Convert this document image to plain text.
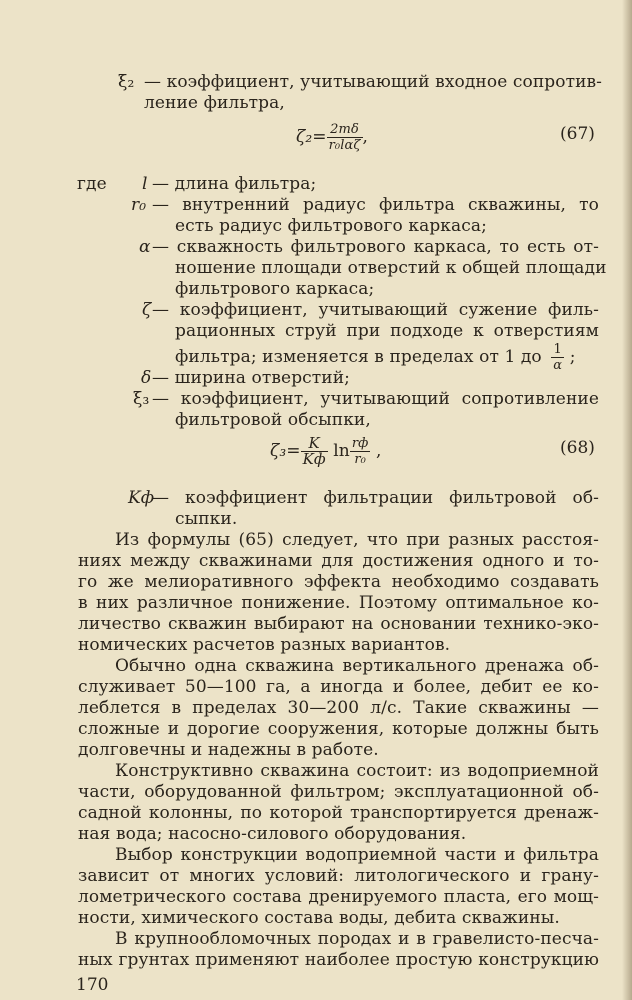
ξ₂ — коэффициент, учитывающий входное сопротив-
ление фильтра,
$\zeta_2= \frac{2m\delta}{\text{r₀lαζ}}$ ,	(67)
где l — длина фильтра;
r₀ — внутренний радиус фильтра скважины, то
есть радиус фильтрового каркаса;
α — скважность фильтрового каркаса, то есть от-
ношение площади отверстий к общей площади
фильтрового каркаса;
ζ — коэффициент, учитывающий сужение филь-
рационных струй при подходе к отверстиям
фильтра; изменяется в пределах от 1 до $\frac{1}{\alpha}$ ;
δ — ширина отверстий;
ξ₃ — коэффициент, учитывающий сопротивление
фильтровой обсыпки,
$\zeta_3= \frac{K}{Kф}$ $\ln \frac{rф}{\text{r₀}}$ ,	(68)
Kф
— коэффициент фильтрации фильтровой об-
сыпки.
Из формулы (65) следует, что при разных расстоя-
ниях между скважинами для достижения одного и то-
го же мелиоративного эффекта необходимо создавать
в них различное понижение. Поэтому оптимальное ко-
личество скважин выбирают на основании технико-эко-
номических расчетов разных вариантов.
Обычно одна скважина вертикального дренажа об-
служивает 50—100 га, а иногда и более, дебит ее ко-
леблется в пределах 30—200 л/с. Такие скважины —
сложные и дорогие сооружения, которые должны быть
долговечны и надежны в работе.
Конструктивно скважина состоит: из водоприемной
части, оборудованной фильтром; эксплуатационной об-
садной колонны, по которой транспортируется дренаж-
ная вода; насосно-силового оборудования.
Выбор конструкции водоприемной части и фильтра
зависит от многих условий: литологического и грану-
лометрического состава дренируемого пласта, его мощ-
ности, химического состава воды, дебита скважины.
В крупнообломочных породах и в гравелисто-песча-
ных грунтах применяют наиболее простую конструкцию
170
